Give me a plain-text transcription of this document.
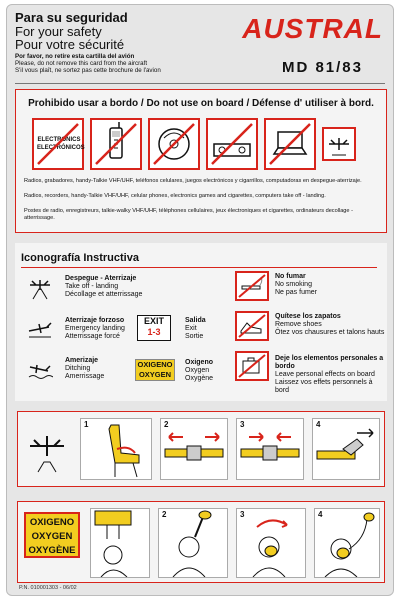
Para su seguridad
For your safety
Pour votre sécurité
Por favor, no retire esta cartilla del avión
Please, do not remove this card from the aircraft
S'il vous plaît, ne sortez pas cette brochure de l'avion
AUSTRAL
MD 81/83
Prohibido usar a bordo / Do not use on board / Défense d' utiliser à bord.
ELECTRONICS
ELECTRÓNICOS
Radios, grabadores, handy-Talkie VHF/UHF, teléfonos celulares, juegos electrónicos y cigarrillos, computadoras en despegue-aterrizaje.
Radios, recorders, handy-Talkie VHF/UHF, celular phones, electronics games and cigarettes, computers take off - landing.
Postes de radio, enregistreurs, talkie-walky VHF/UHF, téléphones cellulaires, jeux électroniques et cigarettes, ordinateurs decollage - atterrissage.
Iconografía Instructiva
Despegue - Aterrizaje
Take off - landing
Décollage et atterrissage
Aterrizaje forzoso
Emergency landing
Atterrissage forcé
Amerizaje
Ditching
Amerrissage
EXIT
1-3
Salida
Exit
Sortie
OXIGENO
OXYGEN
Oxigeno
Oxygen
Oxygène
No fumar
No smoking
Ne pas fumer
Quítese los zapatos
Remove shoes
Ôtez vos chausures et talons hauts
Deje los elementos personales a bordo
Leave personal effects on board
Laissez vos effets personnels à bord
1	2	3	4
OXIGENO
OXYGEN
OXYGÈNE
2	3	4
P.N. 010001303 - 06/02
